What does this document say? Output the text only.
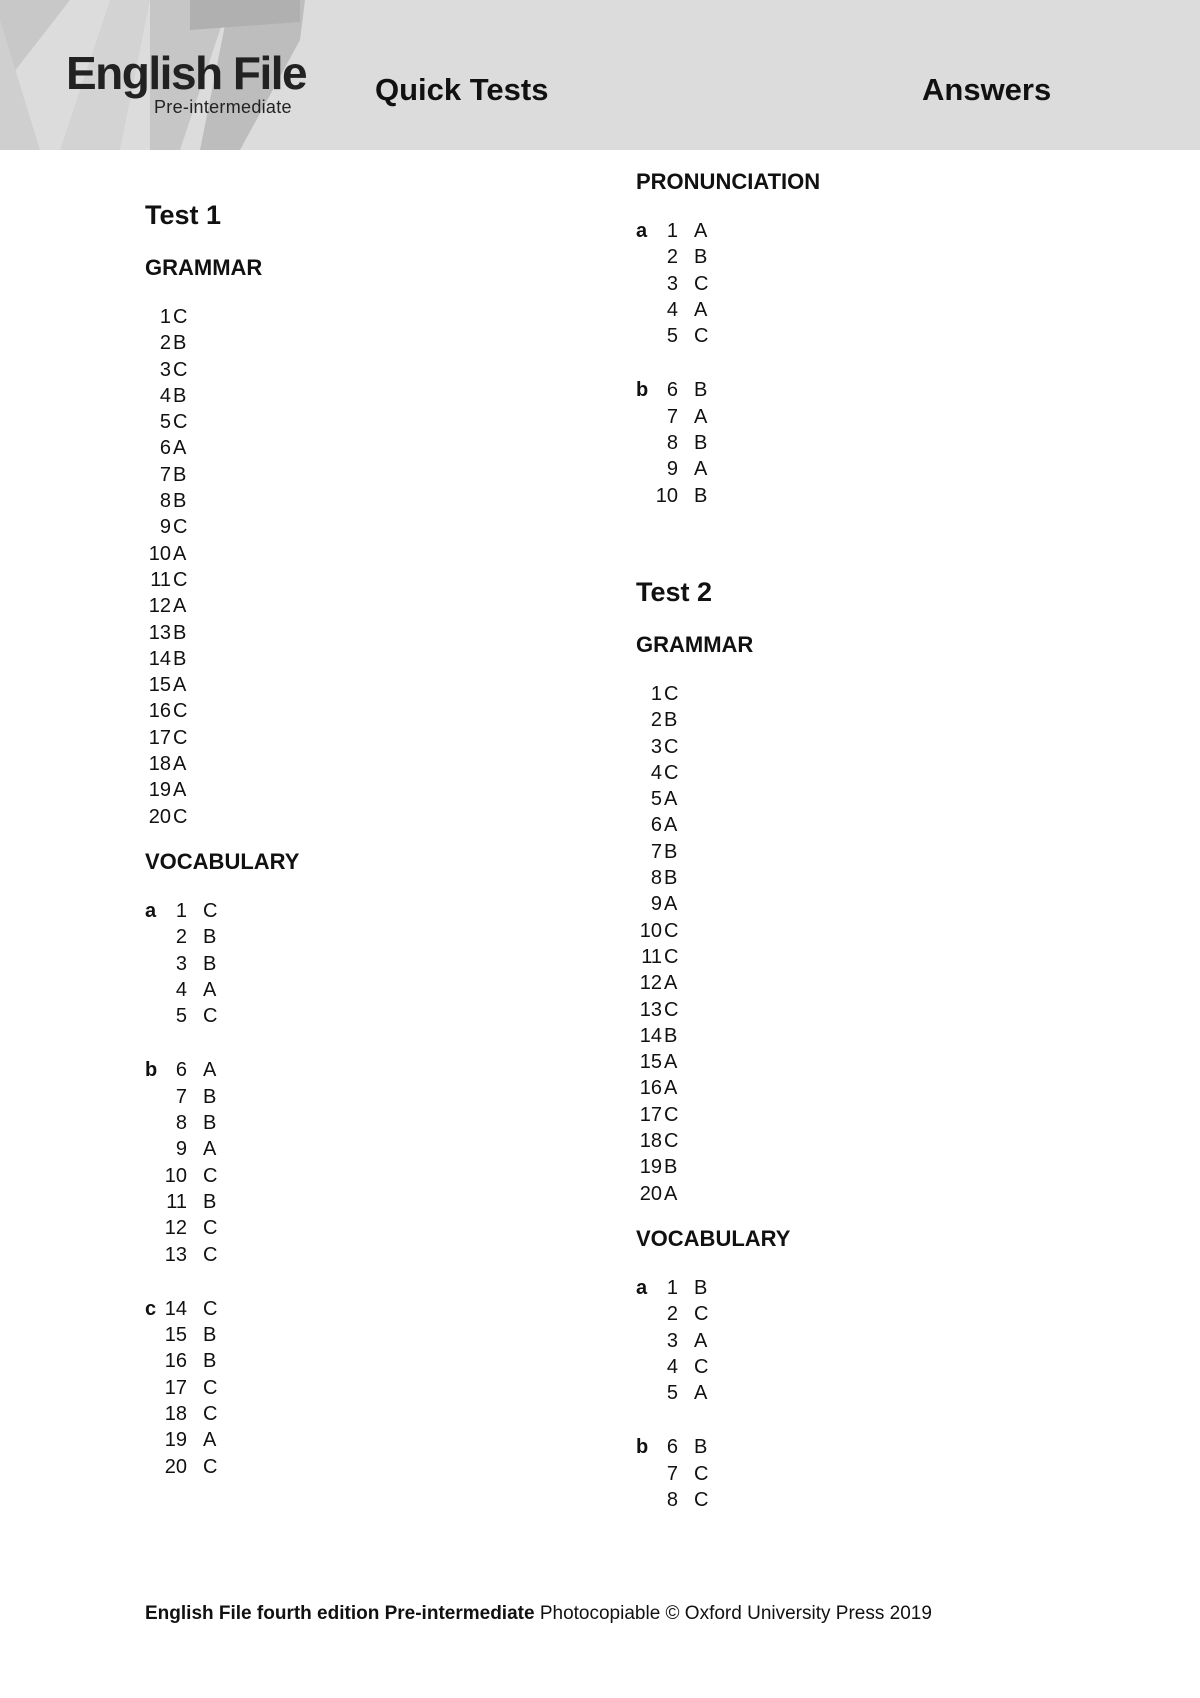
English File
Pre-intermediate	Quick Tests	Answers
Test 1
GRAMMAR
1 C
2 B
3 C
4 B
5 C
6 A
7 B
8 B
9 C
10 A
11 C
12 A
13 B
14 B
15 A
16 C
17 C
18 A
19 A
20 C
VOCABULARY
a 1 C
2 B
3 B
4 A
5 C
b 6 A
7 B
8 B
9 A
10 C
11 B
12 C
13 C
c 14 C
15 B
16 B
17 C
18 C
19 A
20 C
PRONUNCIATION
a 1 A
2 B
3 C
4 A
5 C
b 6 B
7 A
8 B
9 A
10 B
Test 2
GRAMMAR
1 C
2 B
3 C
4 C
5 A
6 A
7 B
8 B
9 A
10 C
11 C
12 A
13 C
14 B
15 A
16 A
17 C
18 C
19 B
20 A
VOCABULARY
a 1 B
2 C
3 A
4 C
5 A
b 6 B
7 C
8 C
English File fourth edition Pre-intermediate Photocopiable © Oxford University Press 2019
